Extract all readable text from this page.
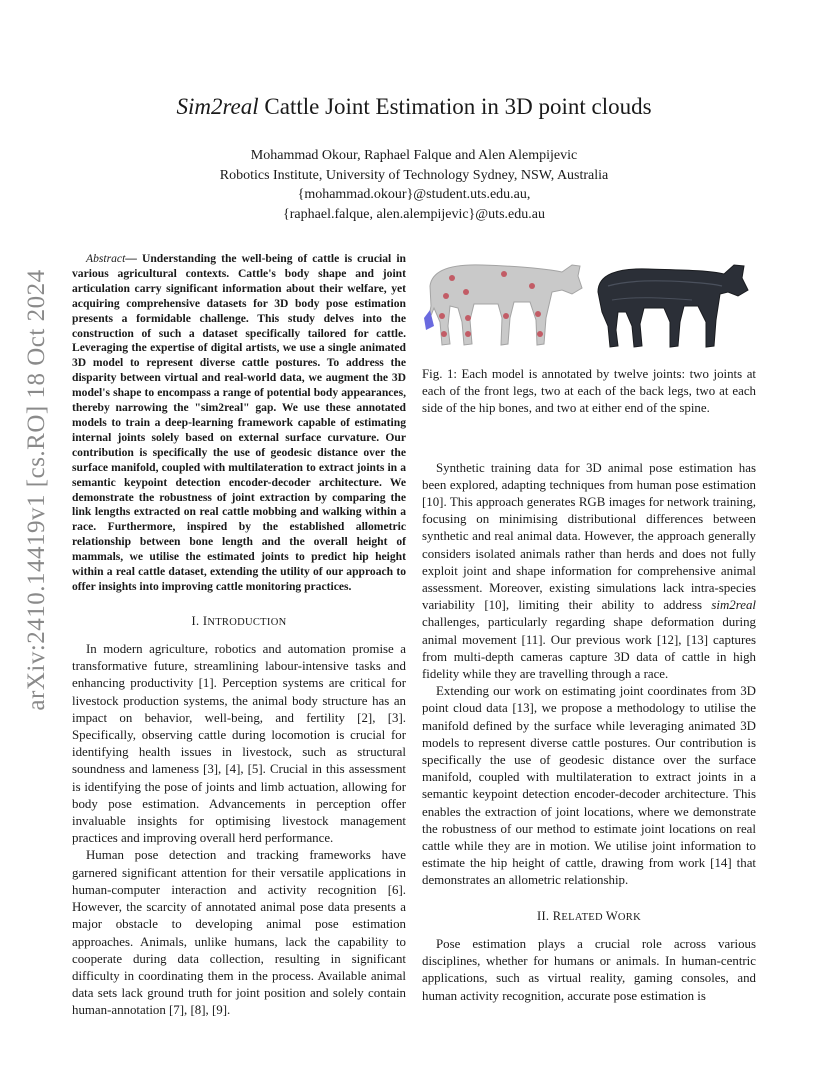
arXiv:2410.14419v1 [cs.RO] 18 Oct 2024
Sim2real Cattle Joint Estimation in 3D point clouds
Mohammad Okour, Raphael Falque and Alen Alempijevic
Robotics Institute, University of Technology Sydney, NSW, Australia
{mohammad.okour}@student.uts.edu.au,
{raphael.falque, alen.alempijevic}@uts.edu.au

Abstract— Understanding the well-being of cattle is crucial in various agricultural contexts. Cattle's body shape and joint articulation carry significant information about their welfare, yet acquiring comprehensive datasets for 3D body pose estimation presents a formidable challenge. This study delves into the construction of such a dataset specifically tailored for cattle. Leveraging the expertise of digital artists, we use a single animated 3D model to represent diverse cattle postures. To address the disparity between virtual and real-world data, we augment the 3D model's shape to encompass a range of potential body appearances, thereby narrowing the "sim2real" gap. We use these annotated models to train a deep-learning framework capable of estimating internal joints solely based on external surface curvature. Our contribution is specifically the use of geodesic distance over the surface manifold, coupled with multilateration to extract joints in a semantic keypoint detection encoder-decoder architecture. We demonstrate the robustness of joint extraction by comparing the link lengths extracted on real cattle mobbing and walking within a race. Furthermore, inspired by the established allometric relationship between bone length and the overall height of mammals, we utilise the estimated joints to predict hip height within a real cattle dataset, extending the utility of our approach to offer insights into improving cattle monitoring practices.

I. INTRODUCTION

In modern agriculture, robotics and automation promise a transformative future, streamlining labour-intensive tasks and enhancing productivity [1]. Perception systems are critical for livestock production systems, the animal body structure has an impact on behavior, well-being, and fertility [2], [3]. Specifically, observing cattle during locomotion is crucial for identifying health issues in livestock, such as structural soundness and lameness [3], [4], [5]. Crucial in this assessment is identifying the pose of joints and limb actuation, allowing for body pose estimation. Advancements in perception offer invaluable insights for optimising livestock management practices and improving overall herd performance.

Human pose detection and tracking frameworks have garnered significant attention for their versatile applications in human-computer interaction and activity recognition [6]. However, the scarcity of annotated animal pose data presents a major obstacle to developing animal pose estimation approaches. Animals, unlike humans, lack the capability to cooperate during data collection, resulting in significant difficulty in coordinating them in the process. Available animal data sets lack ground truth for joint position and solely contain human-annotation [7], [8], [9].

Fig. 1: Each model is annotated by twelve joints: two joints at each of the front legs, two at each of the back legs, two at each side of the hip bones, and two at either end of the spine.

Synthetic training data for 3D animal pose estimation has been explored, adapting techniques from human pose estimation [10]. This approach generates RGB images for network training, focusing on minimising distributional differences between synthetic and real animal data. However, the approach generally considers isolated animals rather than herds and does not fully exploit joint and shape information for comprehensive animal assessment. Moreover, existing simulations lack intra-species variability [10], limiting their ability to address sim2real challenges, particularly regarding shape deformation during animal movement [11]. Our previous work [12], [13] captures from multi-depth cameras capture 3D data of cattle in high fidelity while they are travelling through a race.

Extending our work on estimating joint coordinates from 3D point cloud data [13], we propose a methodology to utilise the manifold defined by the surface while leveraging animated 3D models to represent diverse cattle postures. Our contribution is specifically the use of geodesic distance over the surface manifold, coupled with multilateration to extract joints in a semantic keypoint detection encoder-decoder architecture. This enables the extraction of joint locations, where we demonstrate the robustness of our method to estimate joint locations on real cattle while they are in motion. We utilise joint information to estimate the hip height of cattle, drawing from work [14] that demonstrates an allometric relationship.

II. RELATED WORK

Pose estimation plays a crucial role across various disciplines, whether for humans or animals. In human-centric applications, such as virtual reality, gaming consoles, and human activity recognition, accurate pose estimation is
